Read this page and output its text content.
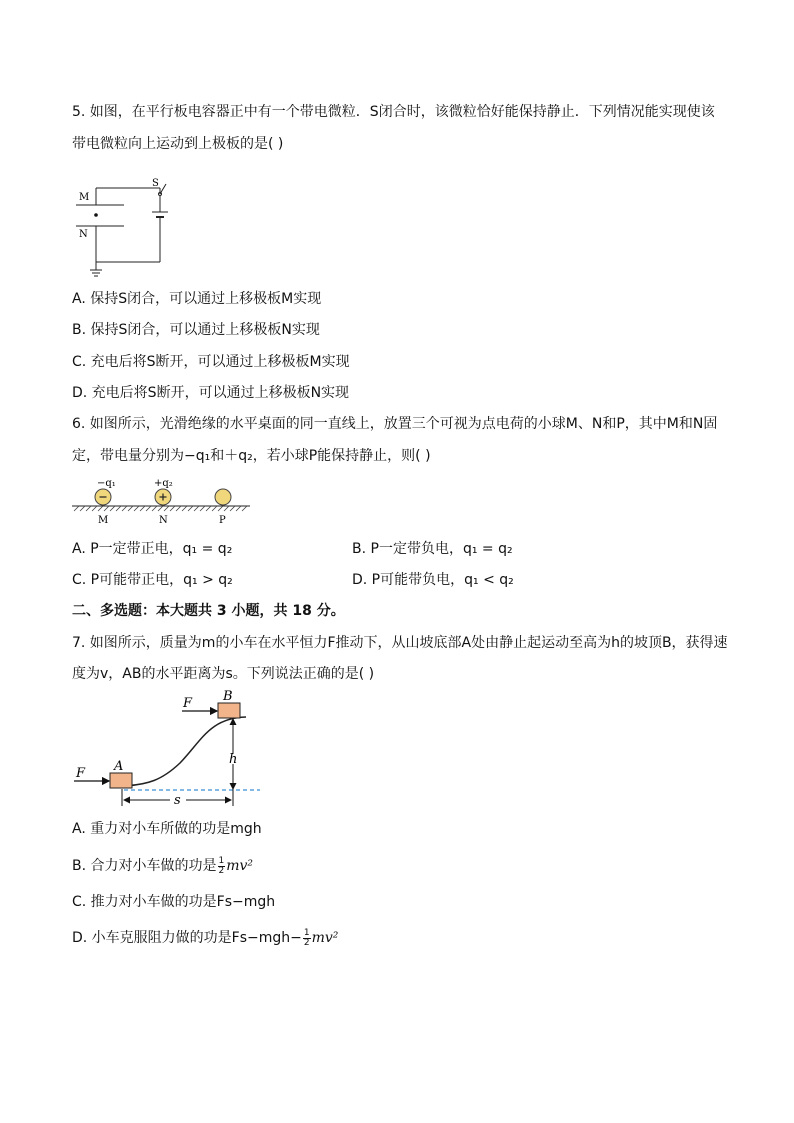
5. 如图，在平行板电容器正中有一个带电微粒．S闭合时，该微粒恰好能保持静止．下列情况能实现使该
带电微粒向上运动到上极板的是( )
M
N
S
A. 保持S闭合，可以通过上移极板M实现
B. 保持S闭合，可以通过上移极板N实现
C. 充电后将S断开，可以通过上移极板M实现
D. 充电后将S断开，可以通过上移极板N实现
6. 如图所示，光滑绝缘的水平桌面的同一直线上，放置三个可视为点电荷的小球M、N和P，其中M和N固
定，带电量分别为−q₁和＋q₂，若小球P能保持静止，则( )
−q₁	+q₂
M	N	P
A. P一定带正电，q₁ = q₂	B. P一定带负电，q₁ = q₂
C. P可能带正电，q₁ > q₂	D. P可能带负电，q₁ < q₂
二、多选题：本大题共 3 小题，共 18 分。
7. 如图所示，质量为m的小车在水平恒力F推动下，从山坡底部A处由静止起运动至高为h的坡顶B，获得速
度为v，AB的水平距离为s。下列说法正确的是( )
F A
F B
h
s
A. 重力对小车所做的功是mgh
B. 合力对小车做的功是 $\frac{1}{2} mv^2$
C. 推力对小车做的功是Fs−mgh
D. 小车克服阻力做的功是$Fs-mgh- \frac{1}{2} mv^2$
